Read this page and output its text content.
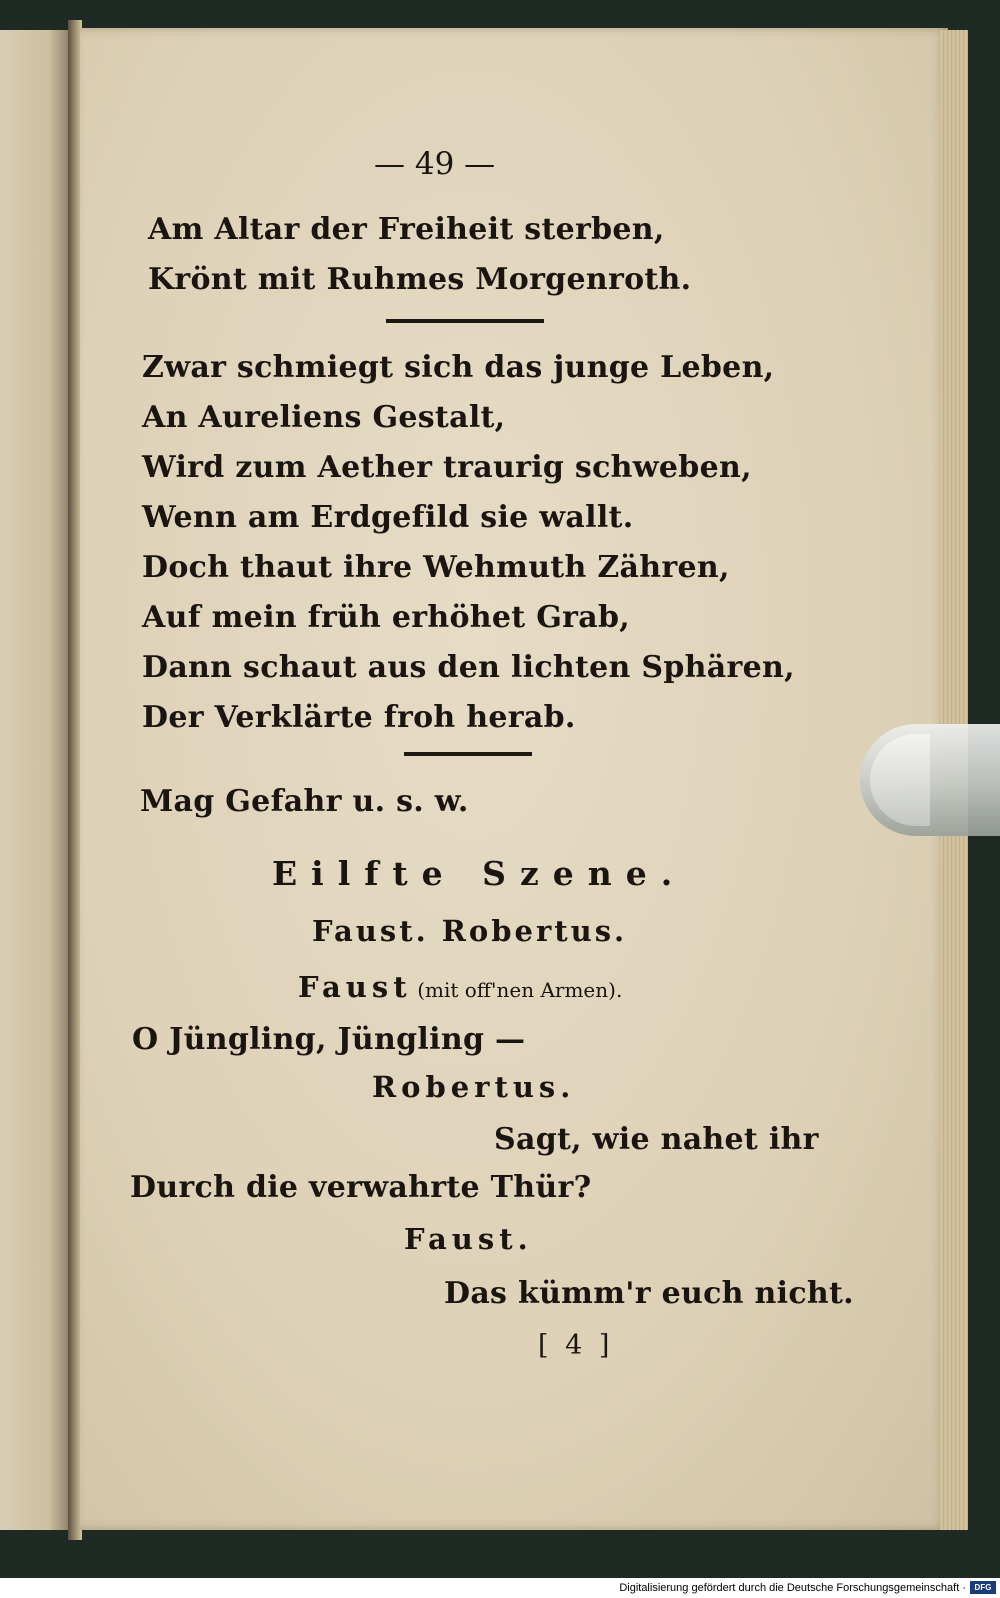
— 49 —
Am Altar der Freiheit sterben,
Krönt mit Ruhmes Morgenroth.
Zwar schmiegt sich das junge Leben,
An Aureliens Gestalt,
Wird zum Aether traurig schweben,
Wenn am Erdgefild sie wallt.
Doch thaut ihre Wehmuth Zähren,
Auf mein früh erhöhet Grab,
Dann schaut aus den lichten Sphären,
Der Verklärte froh herab.
Mag Gefahr u. s. w.
Eilfte Szene.
Faust. Robertus.
Faust (mit off'nen Armen).
O Jüngling, Jüngling —
Robertus.
Sagt, wie nahet ihr
Durch die verwahrte Thür?
Faust.
Das kümm'r euch nicht.
[ 4 ]
Digitalisierung gefördert durch die Deutsche Forschungsgemeinschaft ·	DFG
